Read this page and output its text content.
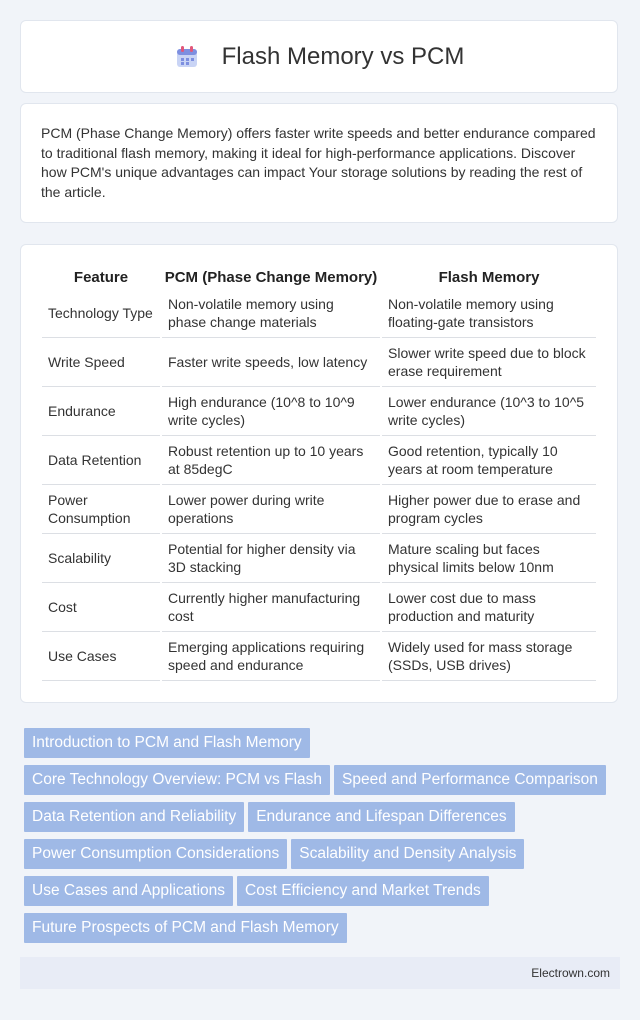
Flash Memory vs PCM

PCM (Phase Change Memory) offers faster write speeds and better endurance compared to traditional flash memory, making it ideal for high-performance applications. Discover how PCM's unique advantages can impact Your storage solutions by reading the rest of the article.

Feature	PCM (Phase Change Memory)	Flash Memory
Technology Type	Non-volatile memory using phase change materials	Non-volatile memory using floating-gate transistors
Write Speed	Faster write speeds, low latency	Slower write speed due to block erase requirement
Endurance	High endurance (10^8 to 10^9 write cycles)	Lower endurance (10^3 to 10^5 write cycles)
Data Retention	Robust retention up to 10 years at 85degC	Good retention, typically 10 years at room temperature
Power Consumption	Lower power during write operations	Higher power due to erase and program cycles
Scalability	Potential for higher density via 3D stacking	Mature scaling but faces physical limits below 10nm
Cost	Currently higher manufacturing cost	Lower cost due to mass production and maturity
Use Cases	Emerging applications requiring speed and endurance	Widely used for mass storage (SSDs, USB drives)
Introduction to PCM and Flash Memory
Core Technology Overview: PCM vs Flash Speed and Performance Comparison
Data Retention and Reliability Endurance and Lifespan Differences
Power Consumption Considerations Scalability and Density Analysis
Use Cases and Applications Cost Efficiency and Market Trends
Future Prospects of PCM and Flash Memory
Electrown.com
